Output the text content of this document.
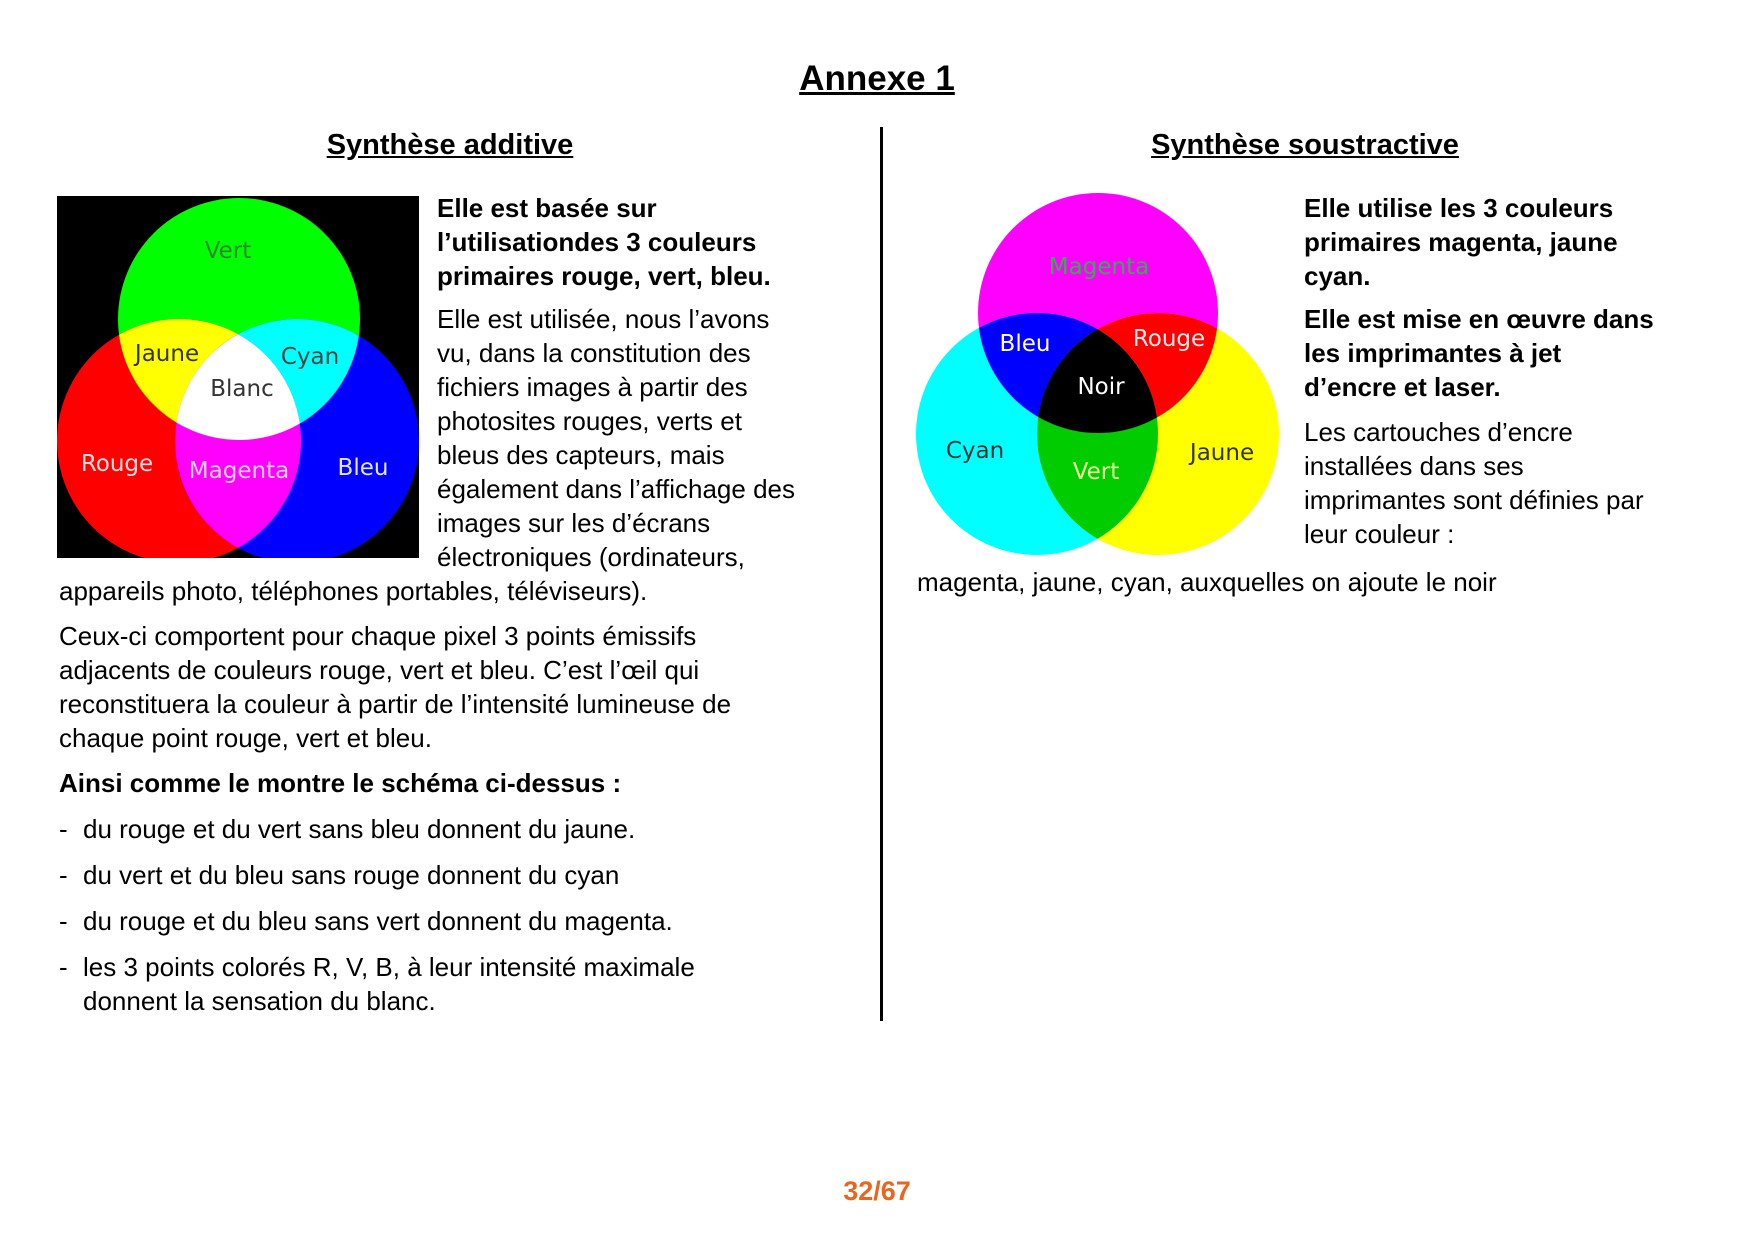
Annexe 1
Synthèse additive	Synthèse soustractive
Vert
Jaune	Cyan
Blanc
Rouge Magenta Bleu
Elle est basée sur
l’utilisationdes 3 couleurs
primaires rouge, vert, bleu.
Elle est utilisée, nous l’avons
vu, dans la constitution des
fichiers images à partir des
photosites rouges, verts et
bleus des capteurs, mais
également dans l’affichage des
images sur les d’écrans
électroniques (ordinateurs,
appareils photo, téléphones portables, téléviseurs).
Ceux-ci comportent pour chaque pixel 3 points émissifs
adjacents de couleurs rouge, vert et bleu. C’est l’œil qui
reconstituera la couleur à partir de l’intensité lumineuse de
chaque point rouge, vert et bleu.
Ainsi comme le montre le schéma ci-dessus :
- du rouge et du vert sans bleu donnent du jaune.
- du vert et du bleu sans rouge donnent du cyan
- du rouge et du bleu sans vert donnent du magenta.
- les 3 points colorés R, V, B, à leur intensité maximale
donnent la sensation du blanc.
Magenta
Bleu	Rouge
Noir
Cyan
Vert
Jaune
Elle utilise les 3 couleurs
primaires magenta, jaune
cyan.
Elle est mise en œuvre dans
les imprimantes à jet
d’encre et laser.
Les cartouches d’encre
installées dans ses
imprimantes sont définies par
leur couleur :
magenta, jaune, cyan, auxquelles on ajoute le noir
32/67
